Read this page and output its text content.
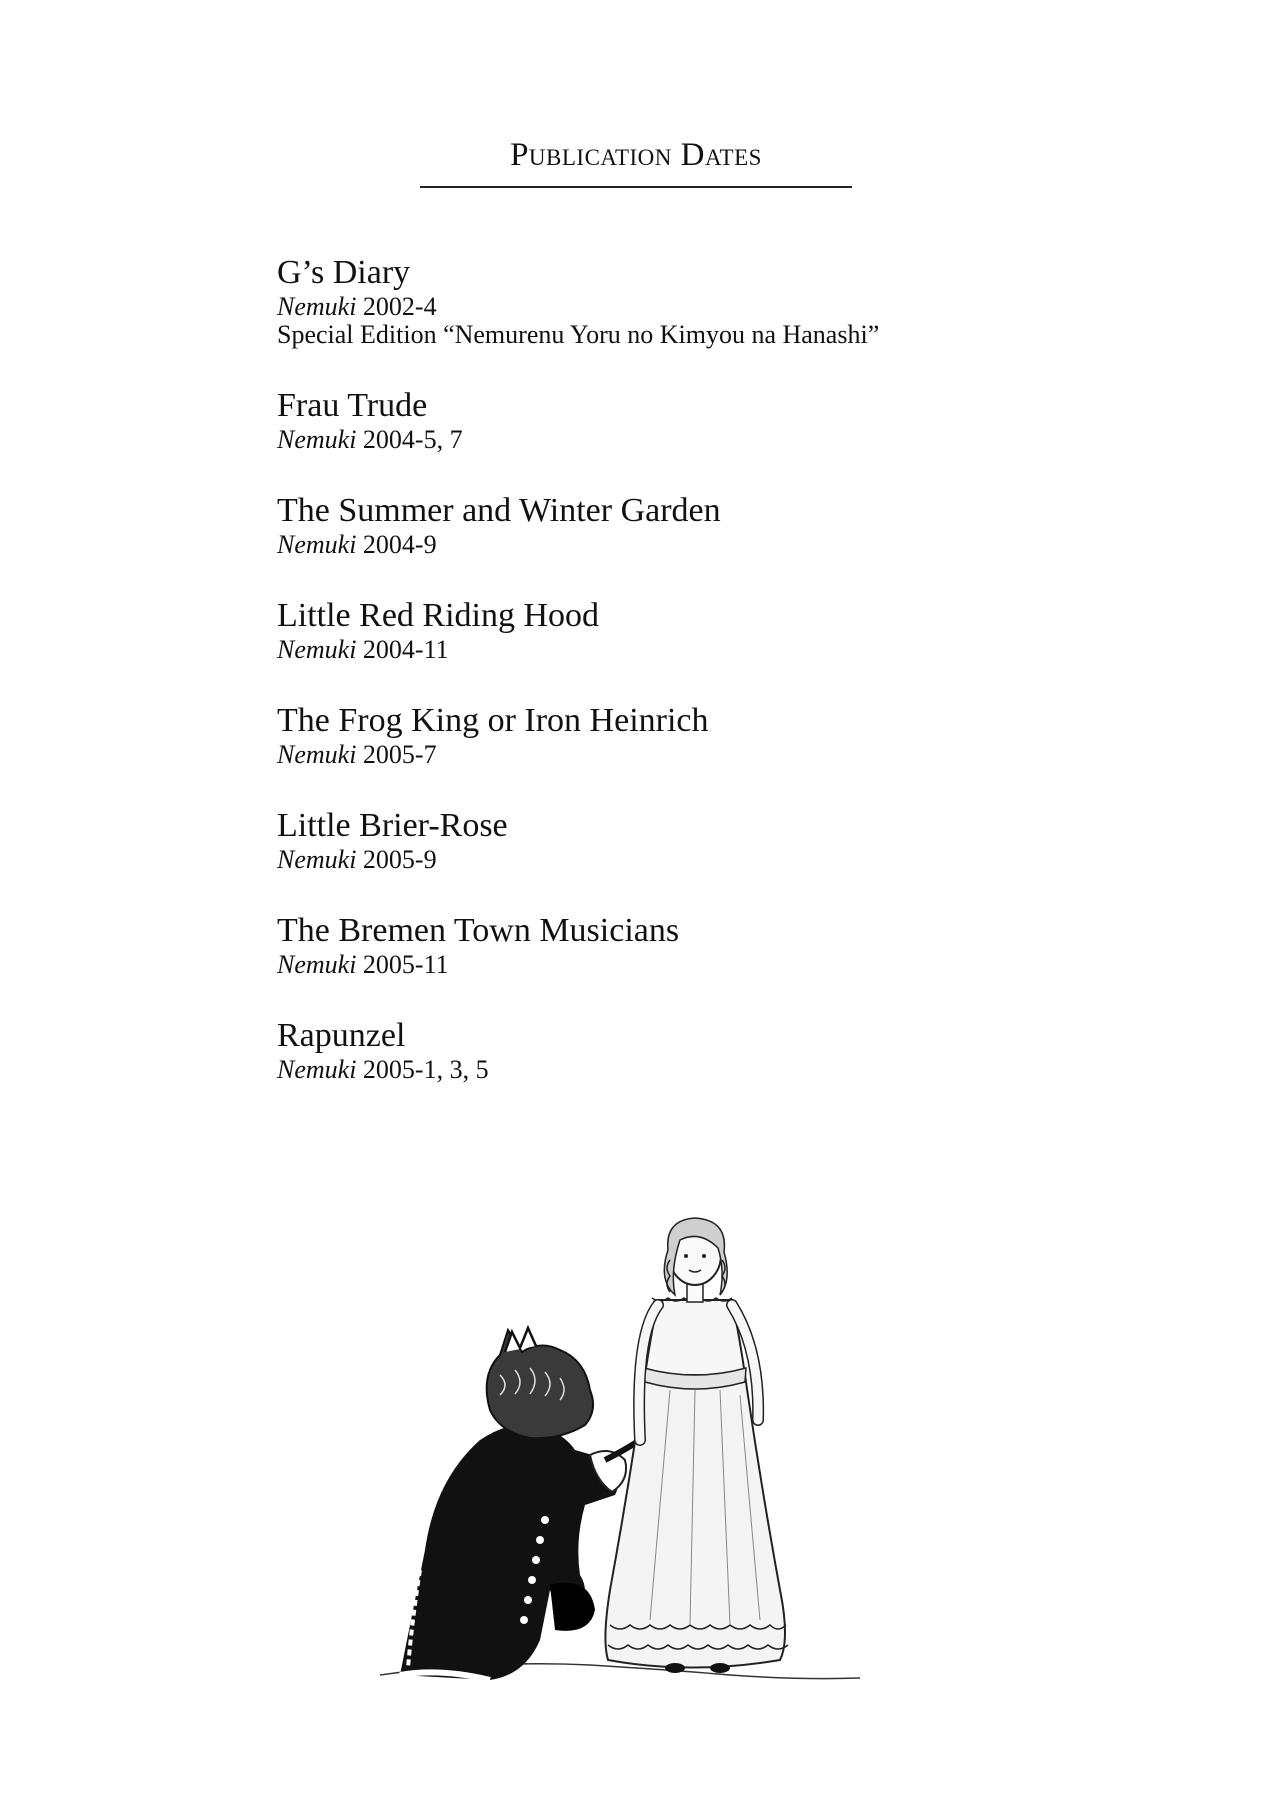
Publication Dates
G’s Diary
Nemuki 2002-4
Special Edition “Nemurenu Yoru no Kimyou na Hanashi”
Frau Trude
Nemuki 2004-5, 7
The Summer and Winter Garden
Nemuki 2004-9
Little Red Riding Hood
Nemuki 2004-11
The Frog King or Iron Heinrich
Nemuki 2005-7
Little Brier-Rose
Nemuki 2005-9
The Bremen Town Musicians
Nemuki 2005-11
Rapunzel
Nemuki 2005-1, 3, 5
